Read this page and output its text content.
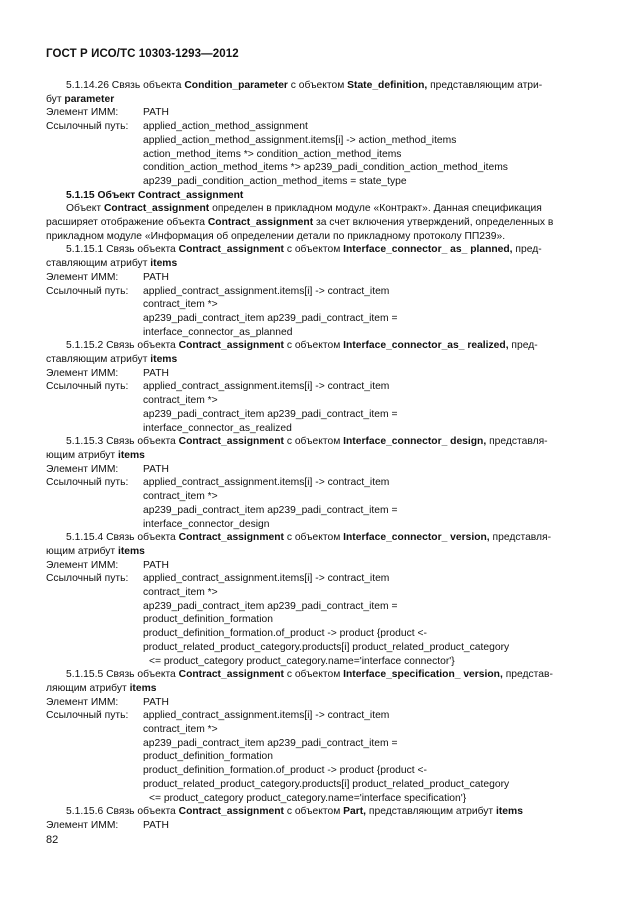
ГОСТ Р ИСО/ТС 10303-1293—2012
5.1.14.26 Связь объекта Condition_parameter с объектом State_definition, представляющим атри-
бут parameter
Элемент ИММ:	PATH
Ссылочный путь:	applied_action_method_assignment
applied_action_method_assignment.items[i] -> action_method_items
action_method_items *> condition_action_method_items
condition_action_method_items *> ap239_padi_condition_action_method_items
ap239_padi_condition_action_method_items = state_type
5.1.15 Объект Contract_assignment
Объект Contract_assignment определен в прикладном модуле «Контракт». Данная спецификация
расширяет отображение объекта Contract_assignment за счет включения утверждений, определенных в
прикладном модуле «Информация об определении детали по прикладному протоколу ПП239».
5.1.15.1 Связь объекта Contract_assignment с объектом Interface_connector_ as_ planned, пред-
ставляющим атрибут items
Элемент ИММ:	PATH
Ссылочный путь:	applied_contract_assignment.items[i] -> contract_item
contract_item *>
ap239_padi_contract_item ap239_padi_contract_item =
interface_connector_as_planned
5.1.15.2 Связь объекта Contract_assignment с объектом Interface_connector_as_ realized, пред-
ставляющим атрибут items
Элемент ИММ:	PATH
Ссылочный путь:	applied_contract_assignment.items[i] -> contract_item
contract_item *>
ap239_padi_contract_item ap239_padi_contract_item =
interface_connector_as_realized
5.1.15.3 Связь объекта Contract_assignment с объектом Interface_connector_ design, представля-
ющим атрибут items
Элемент ИММ:	PATH
Ссылочный путь:	applied_contract_assignment.items[i] -> contract_item
contract_item *>
ap239_padi_contract_item ap239_padi_contract_item =
interface_connector_design
5.1.15.4 Связь объекта Contract_assignment с объектом Interface_connector_ version, представля-
ющим атрибут items
Элемент ИММ:	PATH
Ссылочный путь:	applied_contract_assignment.items[i] -> contract_item
contract_item *>
ap239_padi_contract_item ap239_padi_contract_item =
product_definition_formation
product_definition_formation.of_product -> product {product <-
product_related_product_category.products[i] product_related_product_category
<= product_category product_category.name='interface connector'}
5.1.15.5 Связь объекта Contract_assignment с объектом Interface_specification_ version, представ-
ляющим атрибут items
Элемент ИММ:	PATH
Ссылочный путь:	applied_contract_assignment.items[i] -> contract_item
contract_item *>
ap239_padi_contract_item ap239_padi_contract_item =
product_definition_formation
product_definition_formation.of_product -> product {product <-
product_related_product_category.products[i] product_related_product_category
<= product_category product_category.name='interface specification'}
5.1.15.6 Связь объекта Contract_assignment с объектом Part, представляющим атрибут items
Элемент ИММ:	PATH
82
